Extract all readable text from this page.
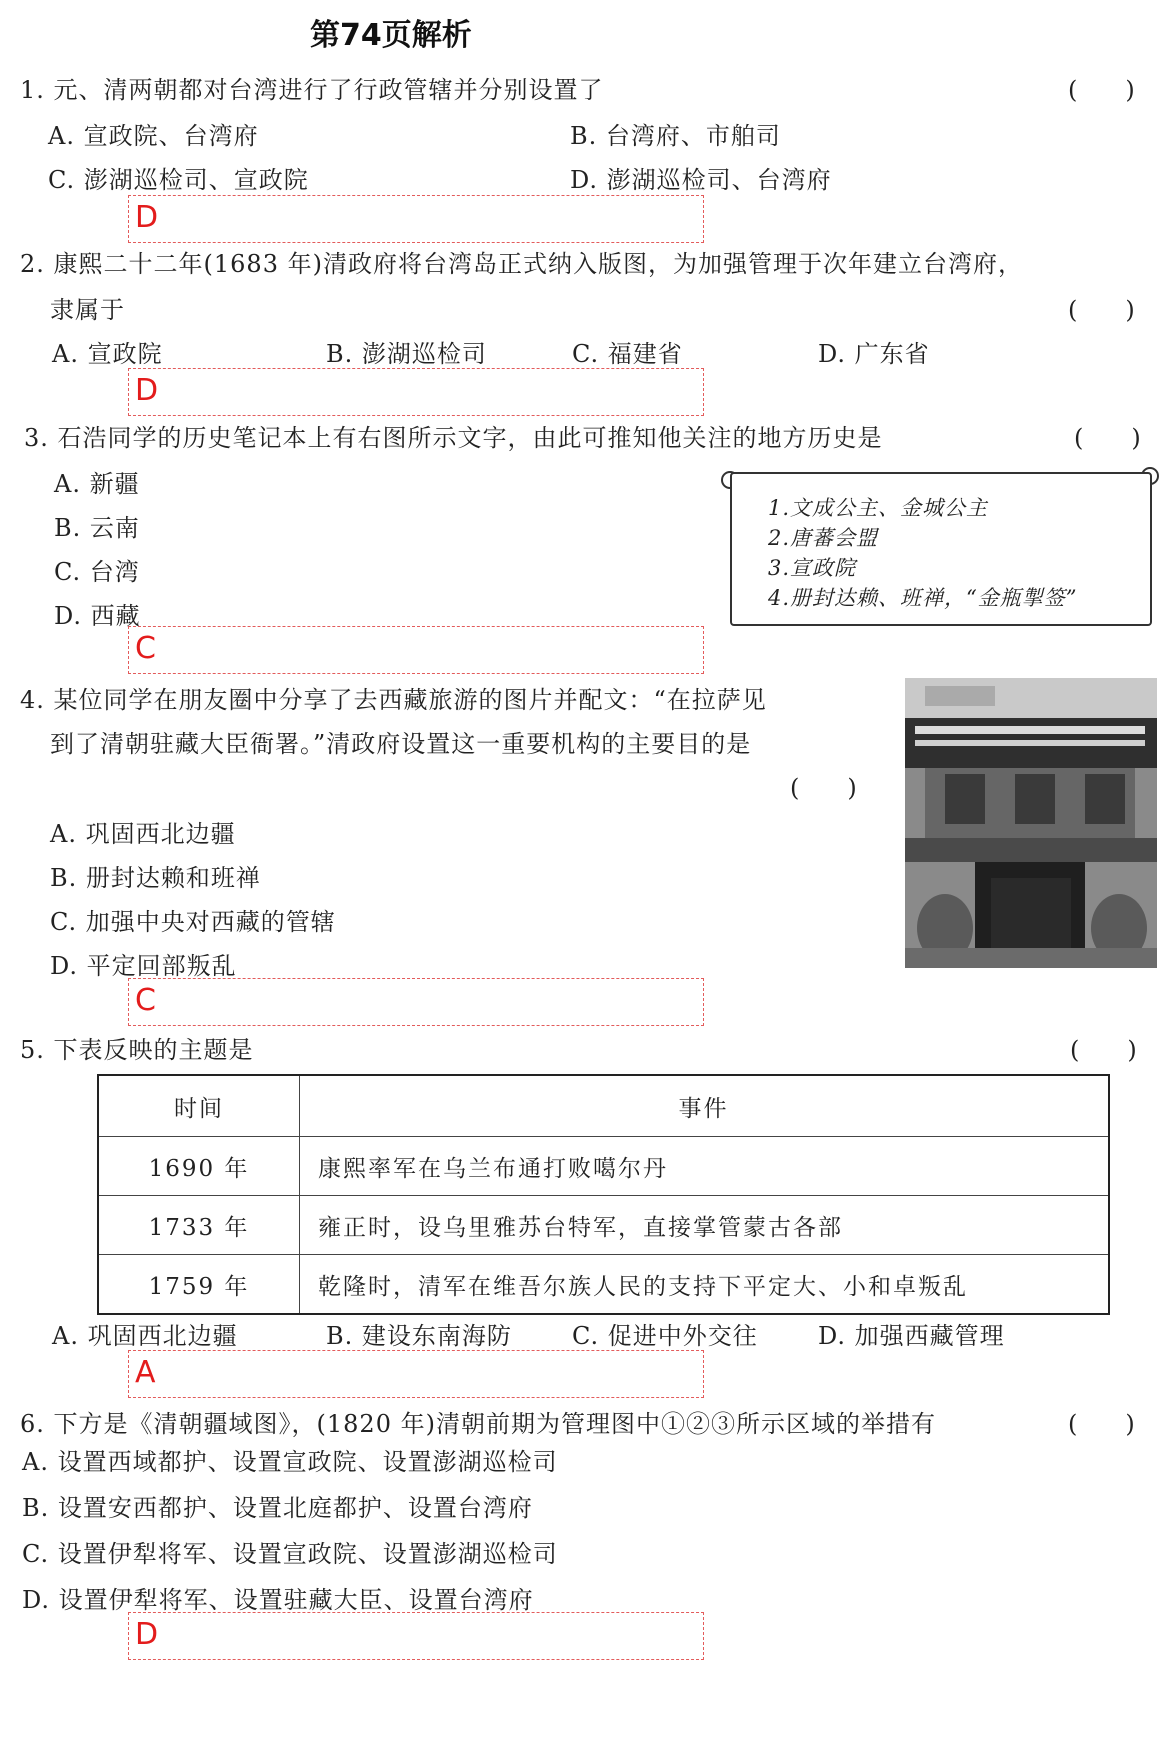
第74页解析
1. 元、清两朝都对台湾进行了行政管辖并分别设置了	(　　)
A. 宣政院、台湾府	B. 台湾府、市舶司
C. 澎湖巡检司、宣政院	D. 澎湖巡检司、台湾府
D
2. 康熙二十二年(1683 年)清政府将台湾岛正式纳入版图，为加强管理于次年建立台湾府，
隶属于	(　　)
A. 宣政院	B. 澎湖巡检司	C. 福建省	D. 广东省
D
3. 石浩同学的历史笔记本上有右图所示文字，由此可推知他关注的地方历史是	(　　)
A. 新疆
B. 云南
C. 台湾
D. 西藏
1.文成公主、金城公主
2.唐蕃会盟
3.宣政院
4.册封达赖、班禅，“金瓶掣签”
C
4. 某位同学在朋友圈中分享了去西藏旅游的图片并配文：“在拉萨见
到了清朝驻藏大臣衙署。”清政府设置这一重要机构的主要目的是
(　　)
A. 巩固西北边疆
B. 册封达赖和班禅
C. 加强中央对西藏的管辖
D. 平定回部叛乱
C
5. 下表反映的主题是	(　　)
时间	事件
1690 年	康熙率军在乌兰布通打败噶尔丹
1733 年	雍正时，设乌里雅苏台特军，直接掌管蒙古各部
1759 年	乾隆时，清军在维吾尔族人民的支持下平定大、小和卓叛乱
A. 巩固西北边疆	B. 建设东南海防	C. 促进中外交往	D. 加强西藏管理
A
6. 下方是《清朝疆域图》，(1820 年)清朝前期为管理图中①②③所示区域的举措有	(　　)
A. 设置西域都护、设置宣政院、设置澎湖巡检司
B. 设置安西都护、设置北庭都护、设置台湾府
C. 设置伊犁将军、设置宣政院、设置澎湖巡检司
D. 设置伊犁将军、设置驻藏大臣、设置台湾府
D
